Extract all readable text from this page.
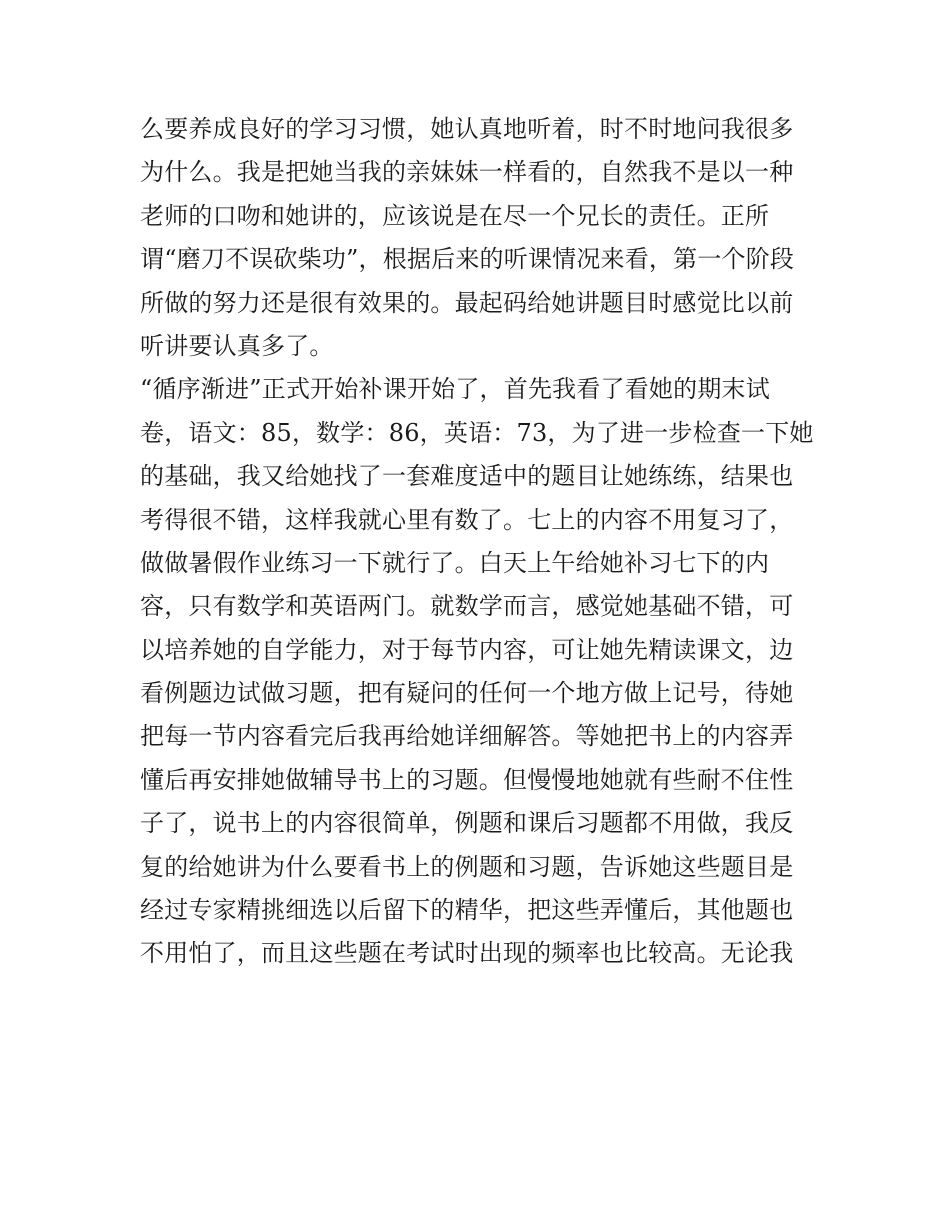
么要养成良好的学习习惯，她认真地听着，时不时地问我很多
为什么。我是把她当我的亲妹妹一样看的，自然我不是以一种
老师的口吻和她讲的，应该说是在尽一个兄长的责任。正所
谓“磨刀不误砍柴功”，根据后来的听课情况来看，第一个阶段
所做的努力还是很有效果的。最起码给她讲题目时感觉比以前
听讲要认真多了。
“循序渐进”正式开始补课开始了，首先我看了看她的期末试
卷，语文：85，数学：86，英语：73，为了进一步检查一下她
的基础，我又给她找了一套难度适中的题目让她练练，结果也
考得很不错，这样我就心里有数了。七上的内容不用复习了，
做做暑假作业练习一下就行了。白天上午给她补习七下的内
容，只有数学和英语两门。就数学而言，感觉她基础不错，可
以培养她的自学能力，对于每节内容，可让她先精读课文，边
看例题边试做习题，把有疑问的任何一个地方做上记号，待她
把每一节内容看完后我再给她详细解答。等她把书上的内容弄
懂后再安排她做辅导书上的习题。但慢慢地她就有些耐不住性
子了，说书上的内容很简单，例题和课后习题都不用做，我反
复的给她讲为什么要看书上的例题和习题，告诉她这些题目是
经过专家精挑细选以后留下的精华，把这些弄懂后，其他题也
不用怕了，而且这些题在考试时出现的频率也比较高。无论我
